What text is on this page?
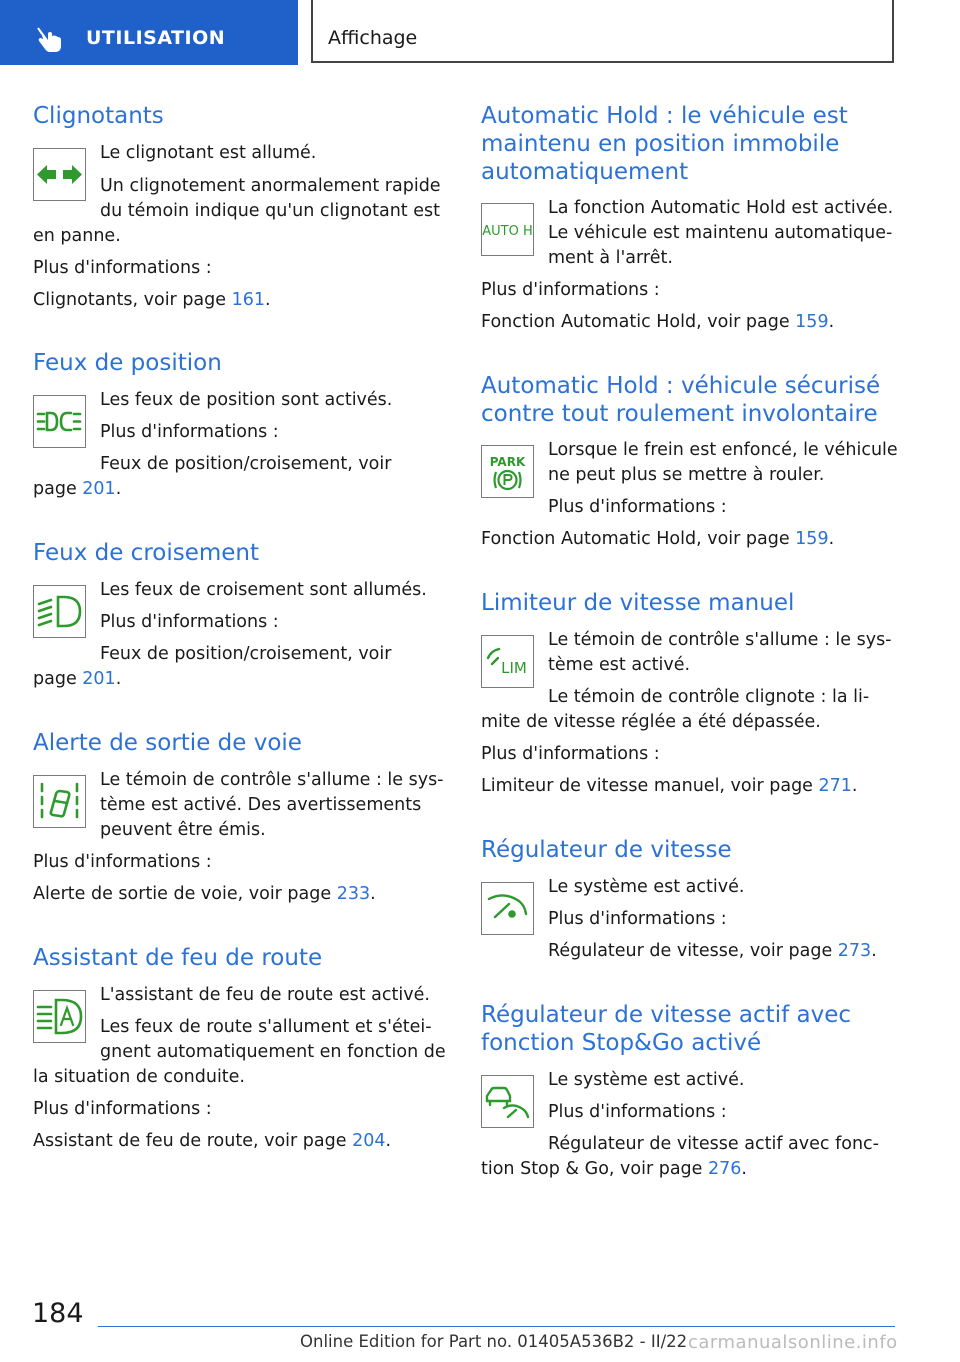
UTILISATION	Affichage
Clignotants
Le clignotant est allumé.
Un clignotement anormalement rapide
du témoin indique qu'un clignotant est
en panne.
Plus d'informations :
Clignotants, voir page 161.
Feux de position
Les feux de position sont activés.
Plus d'informations :
Feux de position/croisement, voir
page 201.
Feux de croisement
Les feux de croisement sont allumés.
Plus d'informations :
Feux de position/croisement, voir
page 201.
Alerte de sortie de voie
Le témoin de contrôle s'allume : le sys-
tème est activé. Des avertissements
peuvent être émis.
Plus d'informations :
Alerte de sortie de voie, voir page 233.
Assistant de feu de route
L'assistant de feu de route est activé.
Les feux de route s'allument et s'étei-
gnent automatiquement en fonction de
la situation de conduite.
Plus d'informations :
Assistant de feu de route, voir page 204.
Automatic Hold : le véhicule est
maintenu en position immobile
automatiquement
AUTO H
La fonction Automatic Hold est activée.
Le véhicule est maintenu automatique-
ment à l'arrêt.
Plus d'informations :
Fonction Automatic Hold, voir page 159.
Automatic Hold : véhicule sécurisé
contre tout roulement involontaire
PARK
Lorsque le frein est enfoncé, le véhicule
ne peut plus se mettre à rouler.
Plus d'informations :
Fonction Automatic Hold, voir page 159.
Limiteur de vitesse manuel
LIM
Le témoin de contrôle s'allume : le sys-
tème est activé.
Le témoin de contrôle clignote : la li-
mite de vitesse réglée a été dépassée.
Plus d'informations :
Limiteur de vitesse manuel, voir page 271.
Régulateur de vitesse
Le système est activé.
Plus d'informations :
Régulateur de vitesse, voir page 273.
Régulateur de vitesse actif avec
fonction Stop&Go activé
Le système est activé.
Plus d'informations :
Régulateur de vitesse actif avec fonc-
tion Stop & Go, voir page 276.
184
Online Edition for Part no. 01405A536B2 - II/22 carmanualsonline.info
